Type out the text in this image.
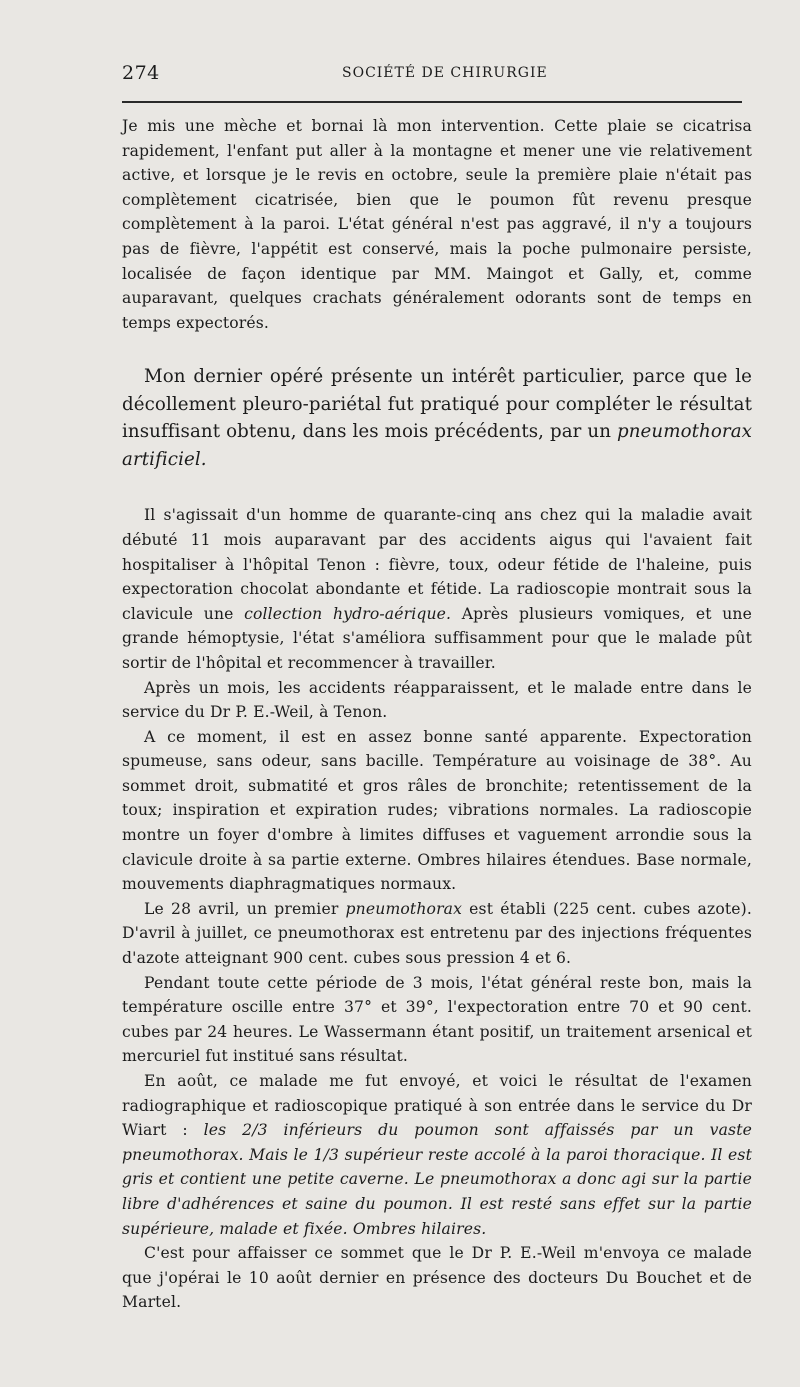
274	SOCIÉTÉ DE CHIRURGIE

Je mis une mèche et bornai là mon intervention. Cette plaie se cicatrisa rapidement, l'enfant put aller à la montagne et mener une vie relativement active, et lorsque je le revis en octobre, seule la première plaie n'était pas complètement cicatrisée, bien que le poumon fût revenu presque complètement à la paroi. L'état général n'est pas aggravé, il n'y a toujours pas de fièvre, l'appétit est conservé, mais la poche pulmonaire persiste, localisée de façon identique par MM. Maingot et Gally, et, comme auparavant, quelques crachats généralement odorants sont de temps en temps expectorés.

Mon dernier opéré présente un intérêt particulier, parce que le décollement pleuro-pariétal fut pratiqué pour compléter le résultat insuffisant obtenu, dans les mois précédents, par un pneumothorax artificiel.

Il s'agissait d'un homme de quarante-cinq ans chez qui la maladie avait débuté 11 mois auparavant par des accidents aigus qui l'avaient fait hospitaliser à l'hôpital Tenon : fièvre, toux, odeur fétide de l'haleine, puis expectoration chocolat abondante et fétide. La radioscopie montrait sous la clavicule une collection hydro-aérique. Après plusieurs vomiques, et une grande hémoptysie, l'état s'améliora suffisamment pour que le malade pût sortir de l'hôpital et recommencer à travailler.

Après un mois, les accidents réapparaissent, et le malade entre dans le service du Dr P. E.-Weil, à Tenon.

A ce moment, il est en assez bonne santé apparente. Expectoration spumeuse, sans odeur, sans bacille. Température au voisinage de 38°. Au sommet droit, submatité et gros râles de bronchite; retentissement de la toux; inspiration et expiration rudes; vibrations normales. La radioscopie montre un foyer d'ombre à limites diffuses et vaguement arrondie sous la clavicule droite à sa partie externe. Ombres hilaires étendues. Base normale, mouvements diaphragmatiques normaux.

Le 28 avril, un premier pneumothorax est établi (225 cent. cubes azote). D'avril à juillet, ce pneumothorax est entretenu par des injections fréquentes d'azote atteignant 900 cent. cubes sous pression 4 et 6.

Pendant toute cette période de 3 mois, l'état général reste bon, mais la température oscille entre 37° et 39°, l'expectoration entre 70 et 90 cent. cubes par 24 heures. Le Wassermann étant positif, un traitement arsenical et mercuriel fut institué sans résultat.

En août, ce malade me fut envoyé, et voici le résultat de l'examen radiographique et radioscopique pratiqué à son entrée dans le service du Dr Wiart : les 2/3 inférieurs du poumon sont affaissés par un vaste pneumothorax. Mais le 1/3 supérieur reste accolé à la paroi thoracique. Il est gris et contient une petite caverne. Le pneumothorax a donc agi sur la partie libre d'adhérences et saine du poumon. Il est resté sans effet sur la partie supérieure, malade et fixée. Ombres hilaires.

C'est pour affaisser ce sommet que le Dr P. E.-Weil m'envoya ce malade que j'opérai le 10 août dernier en présence des docteurs Du Bouchet et de Martel.
